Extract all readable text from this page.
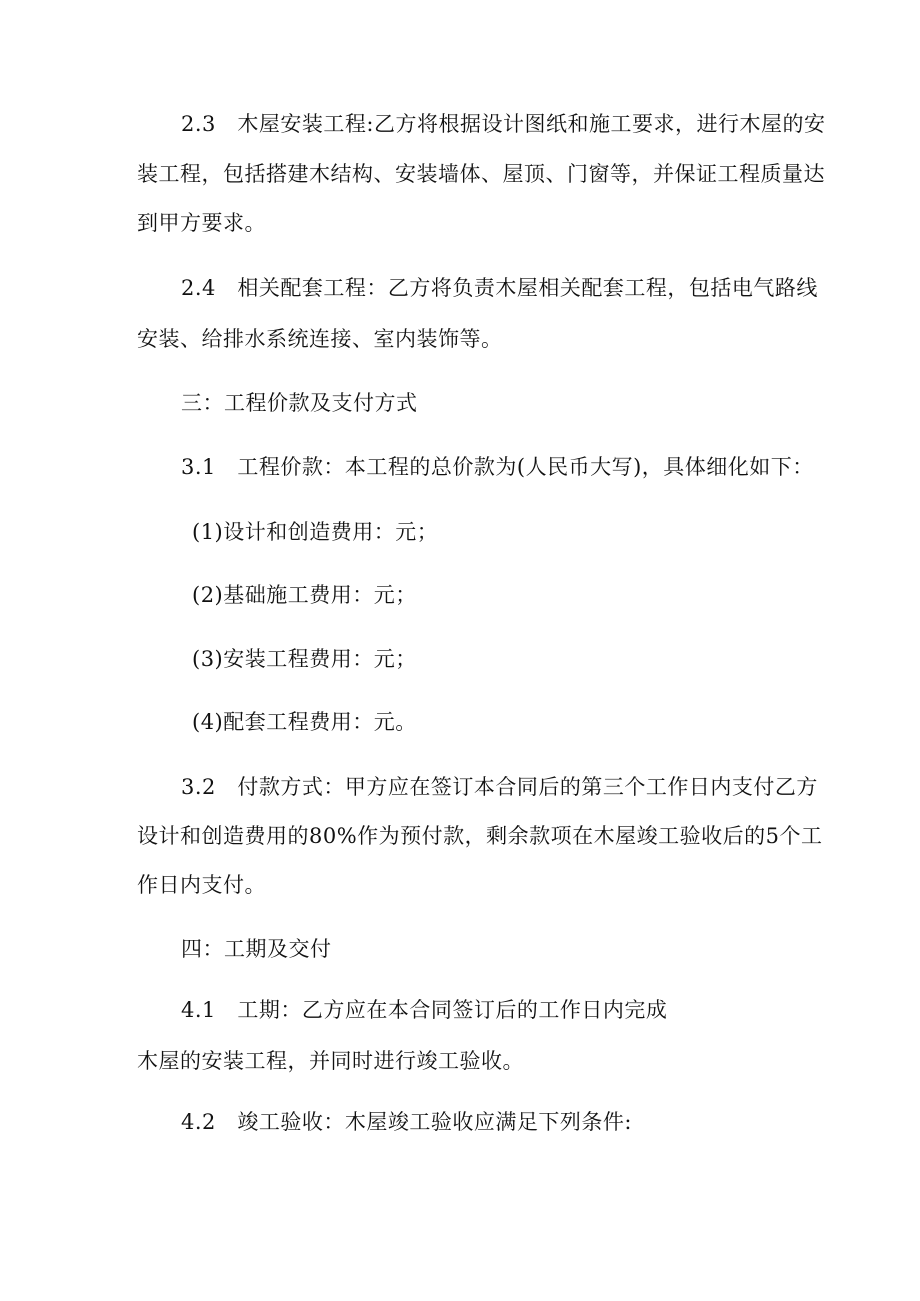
2.3　木屋安装工程:乙方将根据设计图纸和施工要求，进行木屋的安
装工程，包括搭建木结构、安装墙体、屋顶、门窗等，并保证工程质量达
到甲方要求。
2.4　相关配套工程：乙方将负责木屋相关配套工程，包括电气路线
安装、给排水系统连接、室内装饰等。
三：工程价款及支付方式
3.1　工程价款：本工程的总价款为(人民币大写)，具体细化如下：
(1)设计和创造费用：元；
(2)基础施工费用：元；
(3)安装工程费用：元；
(4)配套工程费用：元。
3.2　付款方式：甲方应在签订本合同后的第三个工作日内支付乙方
设计和创造费用的80%作为预付款，剩余款项在木屋竣工验收后的5个工
作日内支付。
四：工期及交付
4.1　工期：乙方应在本合同签订后的工作日内完成
木屋的安装工程，并同时进行竣工验收。
4.2　竣工验收：木屋竣工验收应满足下列条件:
